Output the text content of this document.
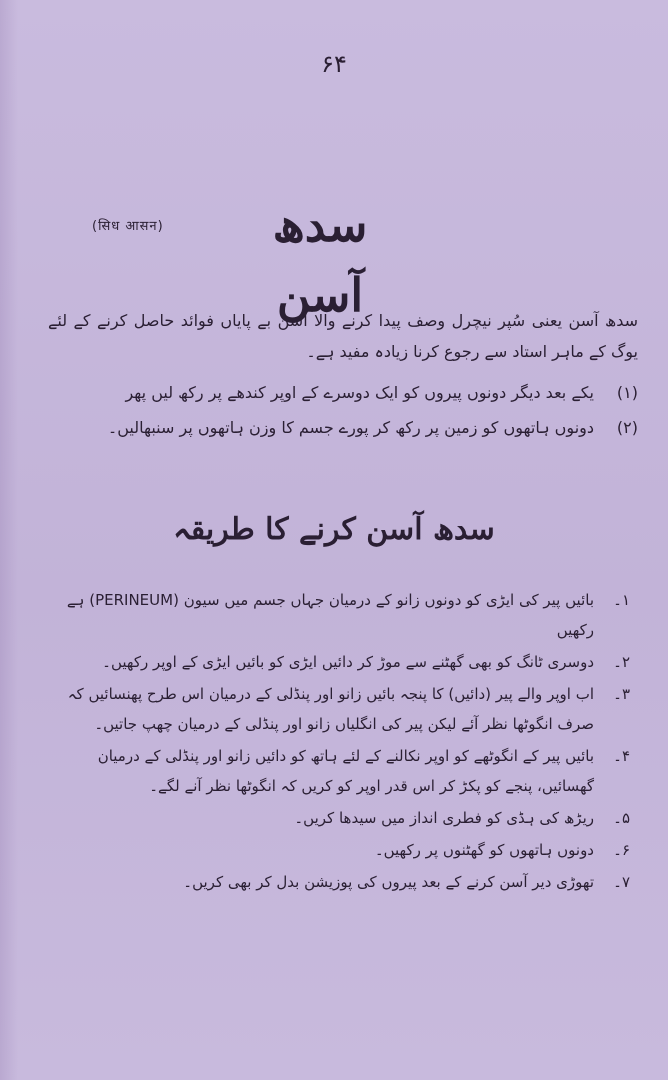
۶۴
(सिध आसन)	سدھ آسن

سدھ آسن یعنی سُپر نیچرل وصف پیدا کرنے والا آسن بے پایاں فوائد حاصل کرنے کے لئے یوگ کے ماہر استاد سے رجوع کرنا زیادہ مفید ہے۔

(۱)
یکے بعد دیگر دونوں پیروں کو ایک دوسرے کے اوپر کندھے پر رکھ لیں پھر
(۲)
دونوں ہاتھوں کو زمین پر رکھ کر پورے جسم کا وزن ہاتھوں پر سنبھالیں۔
سدھ آسن کرنے کا طریقہ
۱۔
بائیں پیر کی ایڑی کو دونوں زانو کے درمیان جہاں جسم میں سیون (PERINEUM) ہے رکھیں
۲۔
دوسری ٹانگ کو بھی گھٹنے سے موڑ کر دائیں ایڑی کو بائیں ایڑی کے اوپر رکھیں۔
۳۔
اب اوپر والے پیر (دائیں) کا پنجہ بائیں زانو اور پنڈلی کے درمیان اس طرح پھنسائیں کہ صرف انگوٹھا نظر آئے لیکن پیر کی انگلیاں زانو اور پنڈلی کے درمیان چھپ جاتیں۔
۴۔
بائیں پیر کے انگوٹھے کو اوپر نکالنے کے لئے ہاتھ کو دائیں زانو اور پنڈلی کے درمیان گھسائیں، پنجے کو پکڑ کر اس قدر اوپر کو کریں کہ انگوٹھا نظر آنے لگے۔
۵۔
ریڑھ کی ہڈی کو فطری انداز میں سیدھا کریں۔
۶۔
دونوں ہاتھوں کو گھٹنوں پر رکھیں۔
۷۔
تھوڑی دیر آسن کرنے کے بعد پیروں کی پوزیشن بدل کر بھی کریں۔
